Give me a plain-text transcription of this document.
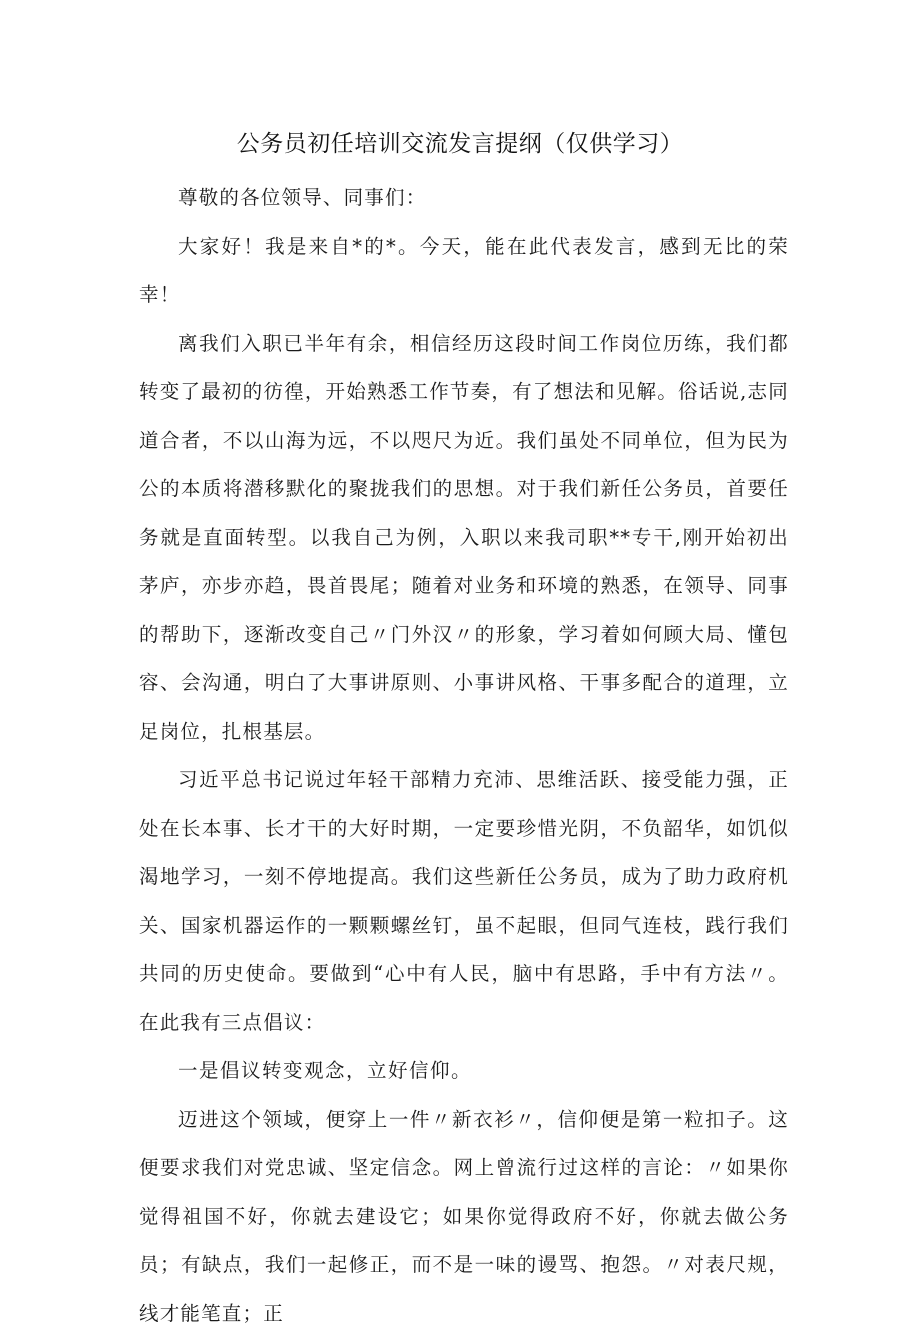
公务员初任培训交流发言提纲（仅供学习）

尊敬的各位领导、同事们：

大家好！我是来自*的*。今天，能在此代表发言，感到无比的荣幸！

离我们入职已半年有余，相信经历这段时间工作岗位历练，我们都转变了最初的彷徨，开始熟悉工作节奏，有了想法和见解。俗话说,志同道合者，不以山海为远，不以咫尺为近。我们虽处不同单位，但为民为公的本质将潜移默化的聚拢我们的思想。对于我们新任公务员，首要任务就是直面转型。以我自己为例，入职以来我司职**专干,刚开始初出茅庐，亦步亦趋，畏首畏尾；随着对业务和环境的熟悉，在领导、同事的帮助下，逐渐改变自己〃门外汉〃的形象，学习着如何顾大局、懂包容、会沟通，明白了大事讲原则、小事讲风格、干事多配合的道理，立足岗位，扎根基层。

习近平总书记说过年轻干部精力充沛、思维活跃、接受能力强，正处在长本事、长才干的大好时期，一定要珍惜光阴，不负韶华，如饥似渴地学习，一刻不停地提高。我们这些新任公务员，成为了助力政府机关、国家机器运作的一颗颗螺丝钉，虽不起眼，但同气连枝，践行我们共同的历史使命。要做到“心中有人民，脑中有思路，手中有方法〃。在此我有三点倡议：

一是倡议转变观念，立好信仰。

迈进这个领域，便穿上一件〃新衣衫〃，信仰便是第一粒扣子。这便要求我们对党忠诚、坚定信念。网上曾流行过这样的言论：〃如果你觉得祖国不好，你就去建设它；如果你觉得政府不好，你就去做公务员；有缺点，我们一起修正，而不是一味的谩骂、抱怨。〃对表尺规，线才能笔直；正
